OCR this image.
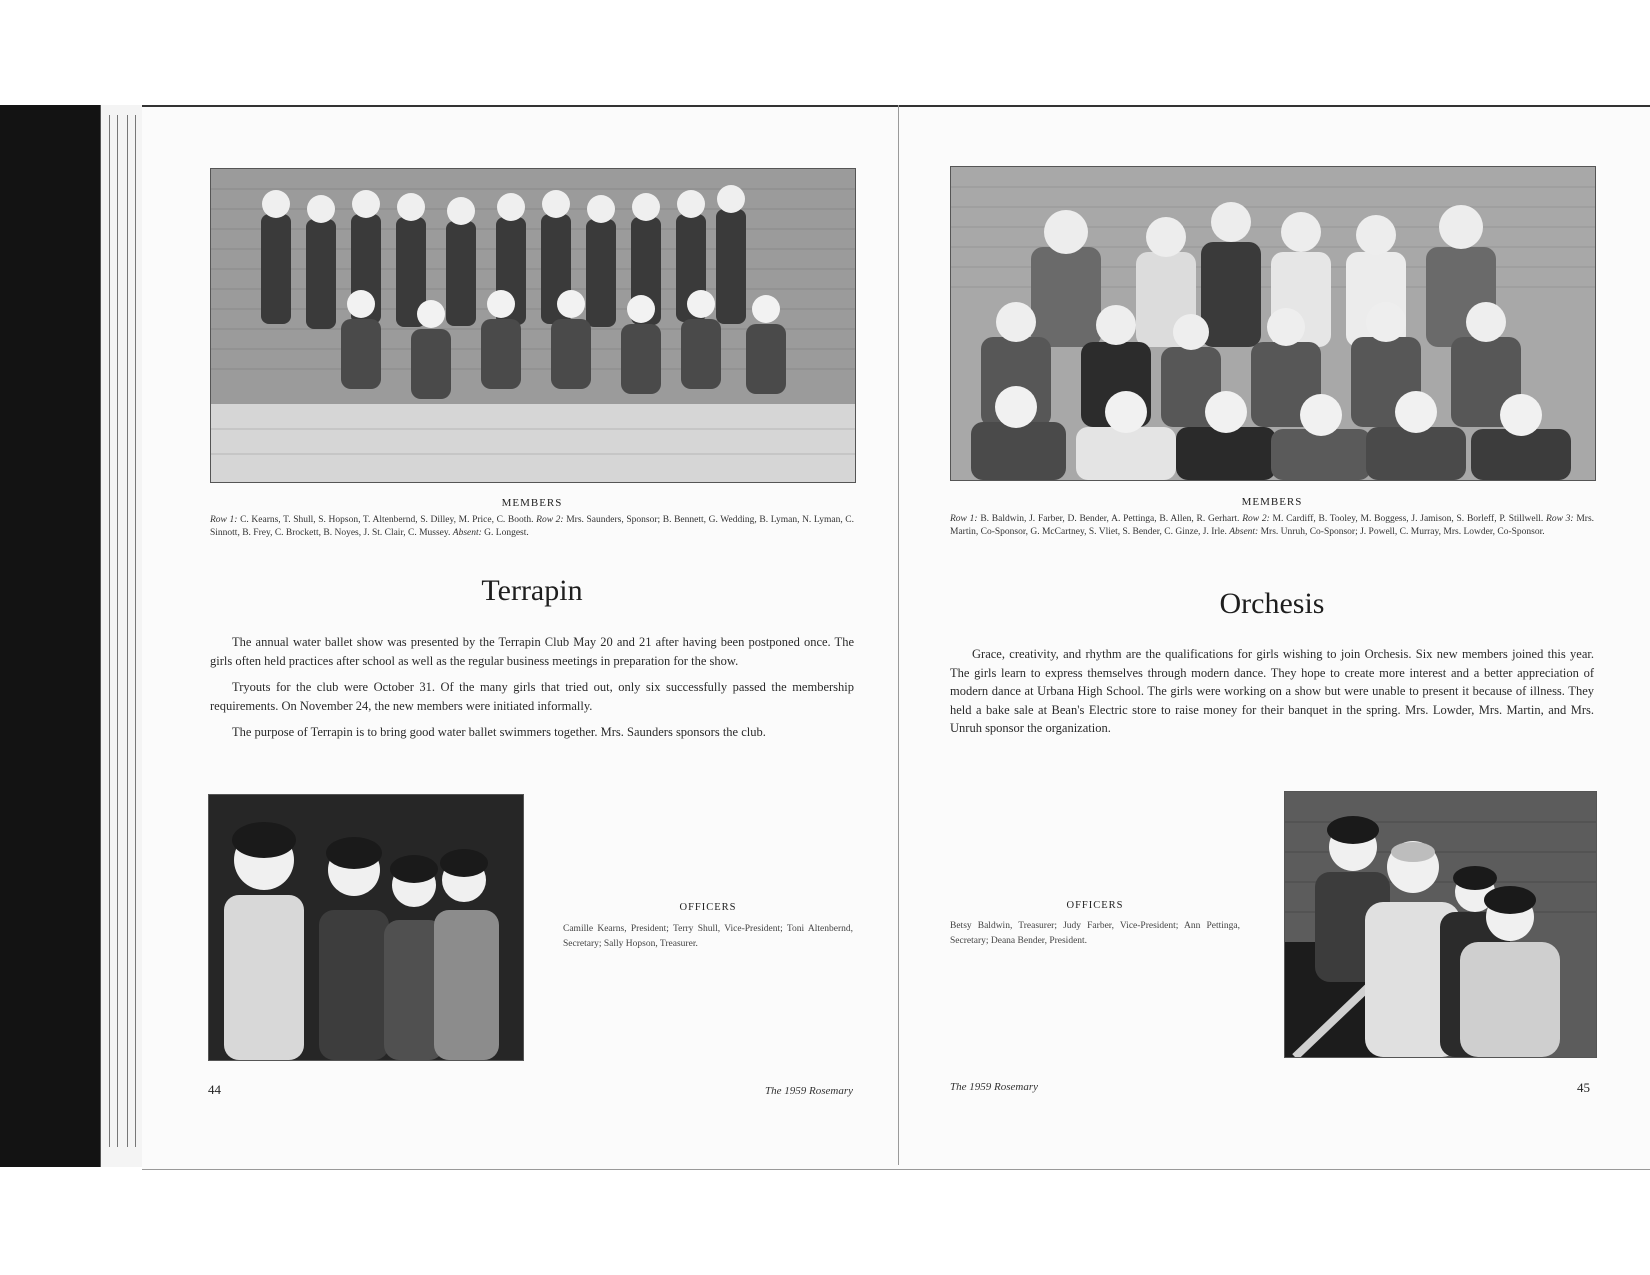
MEMBERS
Row 1: C. Kearns, T. Shull, S. Hopson, T. Altenbernd, S. Dilley, M. Price, C. Booth. Row 2: Mrs. Saunders, Sponsor; B. Bennett, G. Wedding, B. Lyman, N. Lyman, C. Sinnott, B. Frey, C. Brockett, B. Noyes, J. St. Clair, C. Mussey. Absent: G. Longest.
Terrapin

The annual water ballet show was presented by the Terrapin Club May 20 and 21 after having been postponed once. The girls often held practices after school as well as the regular business meetings in preparation for the show.

Tryouts for the club were October 31. Of the many girls that tried out, only six successfully passed the membership requirements. On November 24, the new members were initiated informally.

The purpose of Terrapin is to bring good water ballet swimmers together. Mrs. Saunders sponsors the club.

OFFICERS
Camille Kearns, President; Terry Shull, Vice-President; Toni Altenbernd, Secretary; Sally Hopson, Treasurer.
44	The 1959 Rosemary
MEMBERS
Row 1: B. Baldwin, J. Farber, D. Bender, A. Pettinga, B. Allen, R. Gerhart. Row 2: M. Cardiff, B. Tooley, M. Boggess, J. Jamison, S. Borleff, P. Stillwell. Row 3: Mrs. Martin, Co-Sponsor, G. McCartney, S. Vliet, S. Bender, C. Ginze, J. Irle. Absent: Mrs. Unruh, Co-Sponsor; J. Powell, C. Murray, Mrs. Lowder, Co-Sponsor.
Orchesis

Grace, creativity, and rhythm are the qualifications for girls wishing to join Orchesis. Six new members joined this year. The girls learn to express themselves through modern dance. They hope to create more interest and a better appreciation of modern dance at Urbana High School. The girls were working on a show but were unable to present it because of illness. They held a bake sale at Bean's Electric store to raise money for their banquet in the spring. Mrs. Lowder, Mrs. Martin, and Mrs. Unruh sponsor the organization.

OFFICERS
Betsy Baldwin, Treasurer; Judy Farber, Vice-President; Ann Pettinga, Secretary; Deana Bender, President.
The 1959 Rosemary	45
